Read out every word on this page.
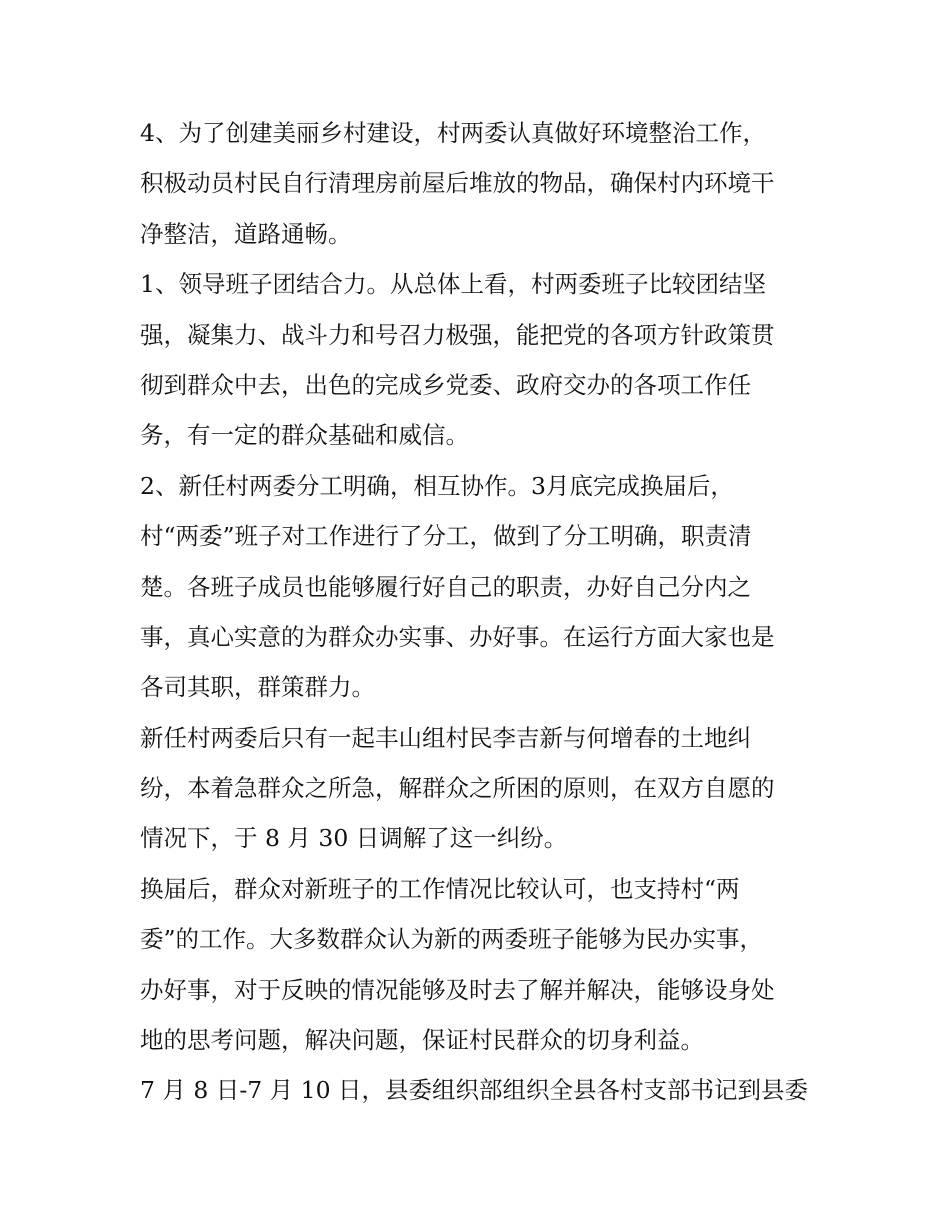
4、为了创建美丽乡村建设，村两委认真做好环境整治工作，
积极动员村民自行清理房前屋后堆放的物品，确保村内环境干
净整洁，道路通畅。
1、领导班子团结合力。从总体上看，村两委班子比较团结坚
强，凝集力、战斗力和号召力极强，能把党的各项方针政策贯
彻到群众中去，出色的完成乡党委、政府交办的各项工作任
务，有一定的群众基础和威信。
2、新任村两委分工明确，相互协作。3月底完成换届后，
村“两委”班子对工作进行了分工，做到了分工明确，职责清
楚。各班子成员也能够履行好自己的职责，办好自己分内之
事，真心实意的为群众办实事、办好事。在运行方面大家也是
各司其职，群策群力。
新任村两委后只有一起丰山组村民李吉新与何增春的土地纠
纷，本着急群众之所急，解群众之所困的原则，在双方自愿的
情况下，于 8 月 30 日调解了这一纠纷。
换届后，群众对新班子的工作情况比较认可，也支持村“两
委”的工作。大多数群众认为新的两委班子能够为民办实事，
办好事，对于反映的情况能够及时去了解并解决，能够设身处
地的思考问题，解决问题，保证村民群众的切身利益。
7 月 8 日-7 月 10 日，县委组织部组织全县各村支部书记到县委
